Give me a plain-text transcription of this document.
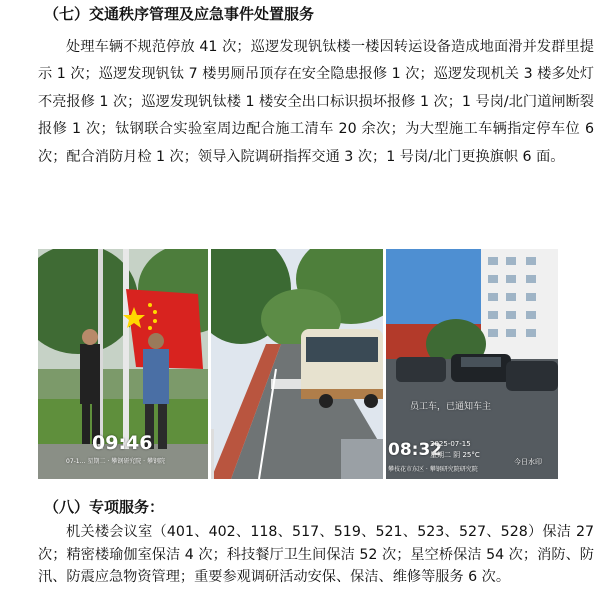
（七）交通秩序管理及应急事件处置服务

处理车辆不规范停放 41 次；巡逻发现钒钛楼一楼因转运设备造成地面滑并发群里提示 1 次；巡逻发现钒钛 7 楼男厕吊顶存在安全隐患报修 1 次；巡逻发现机关 3 楼多处灯不亮报修 1 次；巡逻发现钒钛楼 1 楼安全出口标识损坏报修 1 次；1 号岗/北门道闸断裂报修 1 次；钛钢联合实验室周边配合施工清车 20 余次；为大型施工车辆指定停车位 6 次；配合消防月检 1 次；领导入院调研指挥交通 3 次；1 号岗/北门更换旗帜 6 面。

09:46
07-1… 星期二 · 攀钢研究院 · 攀钢院
员工车，已通知车主
08:32
2025-07-15
星期二 阴 25°C
攀枝花市东区 · 攀钢研究院研究院
今日水印
（八）专项服务：

机关楼会议室（401、402、118、517、519、521、523、527、528）保洁 27 次；精密楼瑜伽室保洁 4 次；科技餐厅卫生间保洁 52 次；星空桥保洁 54 次；消防、防汛、防震应急物资管理；重要参观调研活动安保、保洁、维修等服务 6 次。
